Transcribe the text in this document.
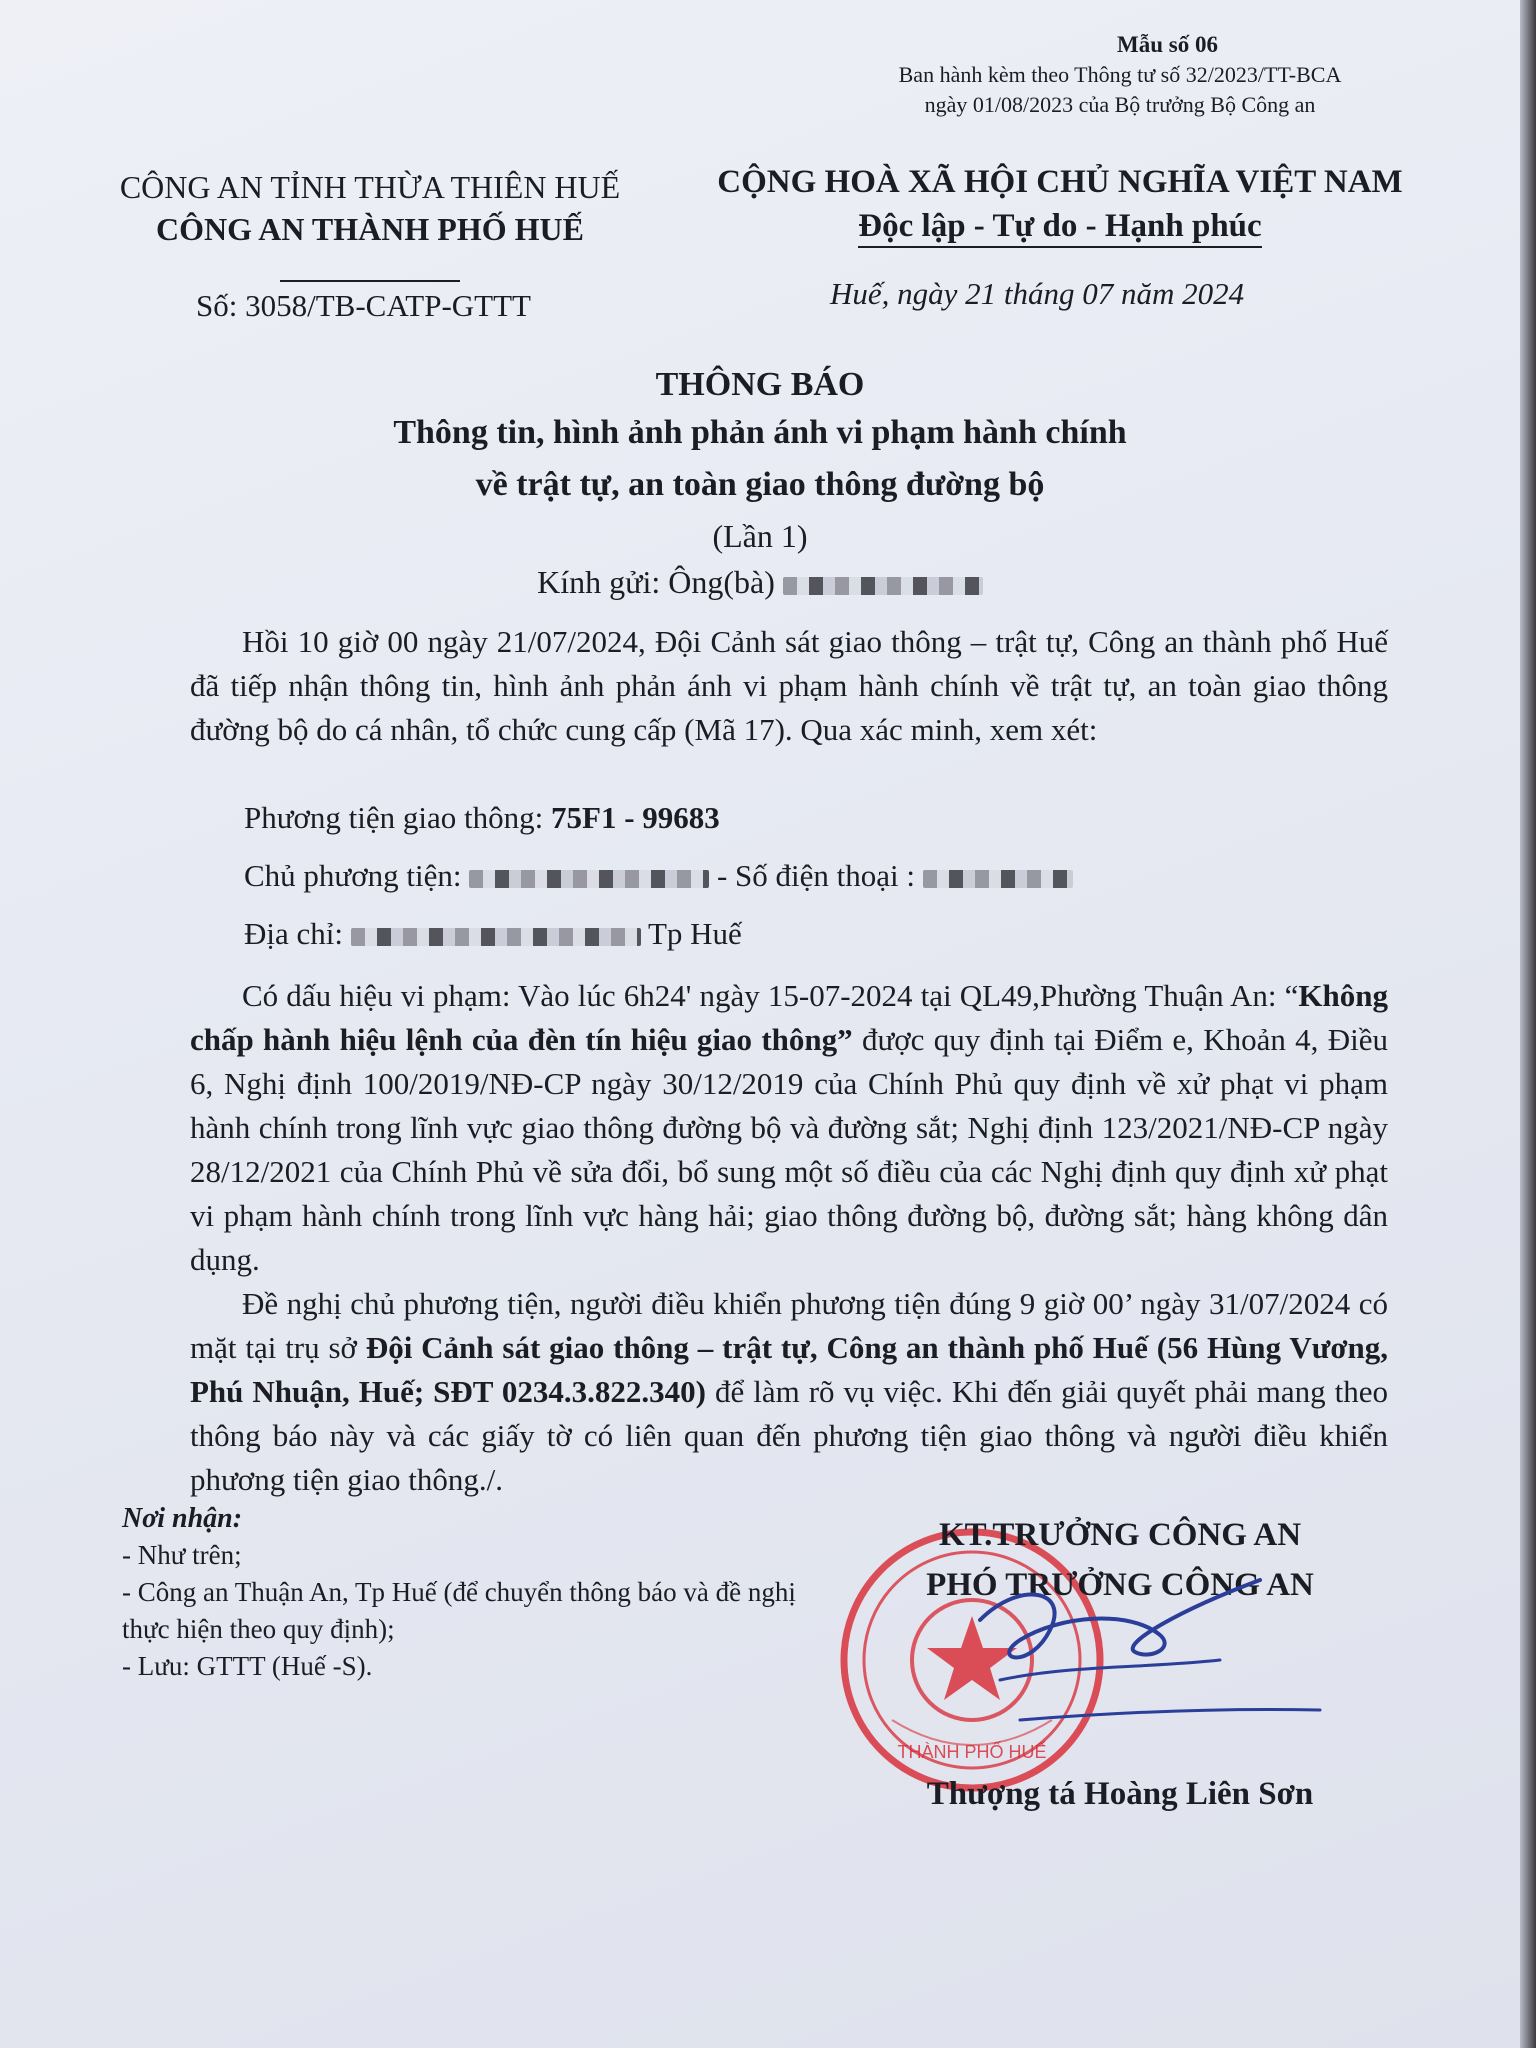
Mẫu số 06
Ban hành kèm theo Thông tư số 32/2023/TT-BCA
ngày 01/08/2023 của Bộ trưởng Bộ Công an
CÔNG AN TỈNH THỪA THIÊN HUẾ
CÔNG AN THÀNH PHỐ HUẾ
CỘNG HOÀ XÃ HỘI CHỦ NGHĨA VIỆT NAM
Độc lập - Tự do - Hạnh phúc
Số: 3058/TB-CATP-GTTT	Huế, ngày 21 tháng 07 năm 2024
THÔNG BÁO
Thông tin, hình ảnh phản ánh vi phạm hành chính
về trật tự, an toàn giao thông đường bộ
(Lần 1)
Kính gửi: Ông(bà)
Hồi 10 giờ 00 ngày 21/07/2024, Đội Cảnh sát giao thông – trật tự, Công an thành phố Huế đã tiếp nhận thông tin, hình ảnh phản ánh vi phạm hành chính về trật tự, an toàn giao thông đường bộ do cá nhân, tổ chức cung cấp (Mã 17). Qua xác minh, xem xét:
Phương tiện giao thông: 75F1 - 99683
Chủ phương tiện:	- Số điện thoại :
Địa chỉ:	Tp Huế
Có dấu hiệu vi phạm: Vào lúc 6h24' ngày 15-07-2024 tại QL49,Phường Thuận An: “Không chấp hành hiệu lệnh của đèn tín hiệu giao thông” được quy định tại Điểm e, Khoản 4, Điều 6, Nghị định 100/2019/NĐ-CP ngày 30/12/2019 của Chính Phủ quy định về xử phạt vi phạm hành chính trong lĩnh vực giao thông đường bộ và đường sắt; Nghị định 123/2021/NĐ-CP ngày 28/12/2021 của Chính Phủ về sửa đổi, bổ sung một số điều của các Nghị định quy định xử phạt vi phạm hành chính trong lĩnh vực hàng hải; giao thông đường bộ, đường sắt; hàng không dân dụng.
Đề nghị chủ phương tiện, người điều khiển phương tiện đúng 9 giờ 00’ ngày 31/07/2024 có mặt tại trụ sở Đội Cảnh sát giao thông – trật tự, Công an thành phố Huế (56 Hùng Vương, Phú Nhuận, Huế; SĐT 0234.3.822.340) để làm rõ vụ việc. Khi đến giải quyết phải mang theo thông báo này và các giấy tờ có liên quan đến phương tiện giao thông và người điều khiển phương tiện giao thông./.
Nơi nhận:
- Như trên;
- Công an Thuận An, Tp Huế (để chuyển thông báo và đề nghị thực hiện theo quy định);
- Lưu: GTTT (Huế -S).
THÀNH PHỐ HUẾ
KT.TRƯỞNG CÔNG AN
PHÓ TRƯỞNG CÔNG AN
Thượng tá Hoàng Liên Sơn
